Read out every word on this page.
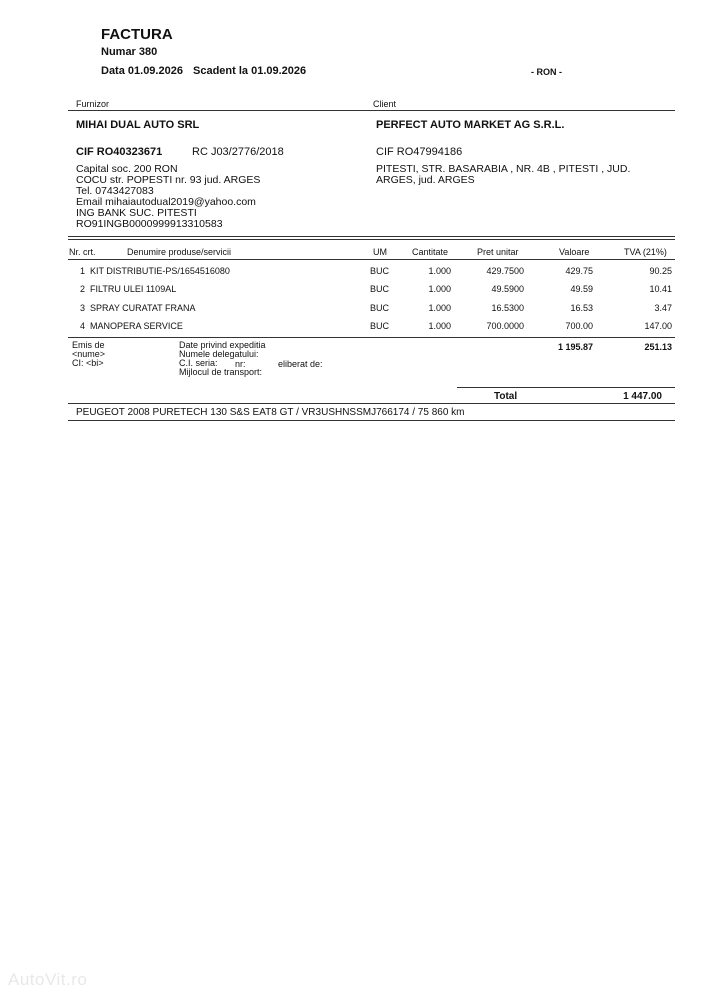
FACTURA
Numar 380
Data 01.09.2026 Scadent la 01.09.2026	- RON -
Furnizor	Client
MIHAI DUAL AUTO SRL	PERFECT AUTO MARKET AG S.R.L.
CIF RO40323671	RC J03/2776/2018	CIF RO47994186
Capital soc. 200 RON
COCU str. POPESTI nr. 93 jud. ARGES
Tel. 0743427083
Email mihaiautodual2019@yahoo.com
ING BANK SUC. PITESTI
RO91INGB0000999913310583
PITESTI, STR. BASARABIA , NR. 4B , PITESTI , JUD.
ARGES, jud. ARGES
Nr. crt.	Denumire produse/servicii	UM	Cantitate	Pret unitar	Valoare	TVA (21%)
1 KIT DISTRIBUTIE-PS/1654516080	BUC	1.000	429.7500	429.75	90.25
2 FILTRU ULEI 1109AL	BUC	1.000	49.5900	49.59	10.41
3 SPRAY CURATAT FRANA	BUC	1.000	16.5300	16.53	3.47
4 MANOPERA SERVICE	BUC	1.000	700.0000	700.00	147.00
Emis de
<nume>
CI: <bi>
Date privind expeditia
Numele delegatului:
C.I. seria:
Mijlocul de transport:
nr:	eliberat de:
1 195.87	251.13
Total	1 447.00
PEUGEOT 2008 PURETECH 130 S&S EAT8 GT / VR3USHNSSMJ766174 / 75 860 km
AutoVit.ro
